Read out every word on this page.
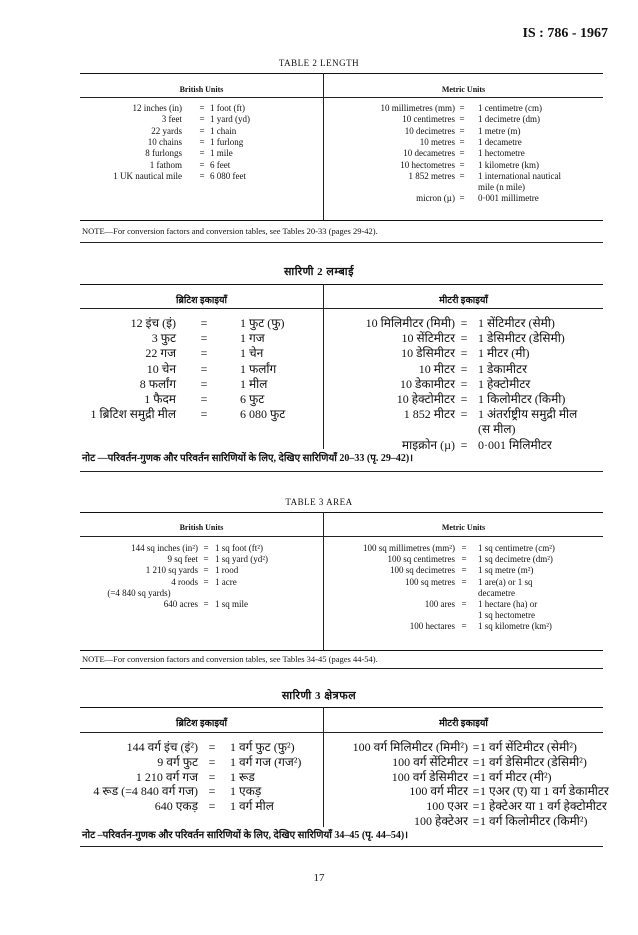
IS : 786 - 1967
TABLE 2 LENGTH
British Units	Metric Units
12 inches (in)	= 1 foot (ft)
3 feet	= 1 yard (yd)
22 yards	= 1 chain
10 chains	= 1 furlong
8 furlongs	= 1 mile
1 fathom	= 6 feet
1 UK nautical mile	= 6 080 feet
10 millimetres (mm) =	1 centimetre (cm)
10 centimetres =	1 decimetre (dm)
10 decimetres =	1 metre (m)
10 metres =	1 decametre
10 decametres =	1 hectometre
10 hectometres =	1 kilometre (km)
1 852 metres =	1 international nautical
mile (n mile)
micron (µ) =	0·001 millimetre
NOTE—For conversion factors and conversion tables, see Tables 20-33 (pages 29-42).
सारिणी 2 लम्बाई
ब्रिटिश इकाइयाँ	मीटरी इकाइयाँ
12 इंच (इं) =	1 फुट (फु)
3 फुट =	1 गज
22 गज =	1 चेन
10 चेन =	1 फर्लांग
8 फर्लांग =	1 मील
1 फैदम =	6 फुट
1 ब्रिटिश समुद्री मील =	6 080 फुट
10 मिलिमीटर (मिमी) = 1 सेंटिमीटर (सेमी)
10 सेंटिमीटर = 1 डेसिमीटर (डेसिमी)
10 डेसिमीटर = 1 मीटर (मी)
10 मीटर = 1 डेकामीटर
10 डेकामीटर = 1 हेक्टोमीटर
10 हेक्टोमीटर = 1 किलोमीटर (किमी)
1 852 मीटर = 1 अंतर्राष्ट्रीय समुद्री मील
(स मील)
माइक्रोन (µ) = 0·001 मिलिमीटर
नोट —परिवर्तन-गुणक और परिवर्तन सारिणियों के लिए, देखिए सारिणियाँ 20–33 (पृ. 29–42)।
TABLE 3 AREA
British Units	Metric Units
144 sq inches (in²) = 1 sq foot (ft²)
9 sq feet = 1 sq yard (yd²)
1 210 sq yards = 1 rood
4 roods = 1 acre
(=4 840 sq yards)
640 acres = 1 sq mile
100 sq millimetres (mm²) =	1 sq centimetre (cm²)
100 sq centimetres =	1 sq decimetre (dm²)
100 sq decimetres =	1 sq metre (m²)
100 sq metres =	1 are(a) or 1 sq
decametre
100 ares =	1 hectare (ha) or
1 sq hectometre
100 hectares =	1 sq kilometre (km²)
NOTE—For conversion factors and conversion tables, see Tables 34-45 (pages 44-54).
सारिणी 3 क्षेत्रफल
ब्रिटिश इकाइयाँ	मीटरी इकाइयाँ
144 वर्ग इंच (इं²) = 1 वर्ग फुट (फु²)
9 वर्ग फुट = 1 वर्ग गज (गज²)
1 210 वर्ग गज = 1 रूड
4 रूड (=4 840 वर्ग गज) = 1 एकड़
640 एकड़ = 1 वर्ग मील
100 वर्ग मिलिमीटर (मिमी²) = 1 वर्ग सेंटिमीटर (सेमी²)
100 वर्ग सेंटिमीटर = 1 वर्ग डेसिमीटर (डेसिमी²)
100 वर्ग डेसिमीटर = 1 वर्ग मीटर (मी²)
100 वर्ग मीटर = 1 एअर (ए) या 1 वर्ग डेकामीटर
100 एअर = 1 हेक्टेअर या 1 वर्ग हेक्टोमीटर
100 हेक्टेअर = 1 वर्ग किलोमीटर (किमी²)
नोट –परिवर्तन-गुणक और परिवर्तन सारिणियों के लिए, देखिए सारिणियाँ 34–45 (पृ. 44–54)।
17
